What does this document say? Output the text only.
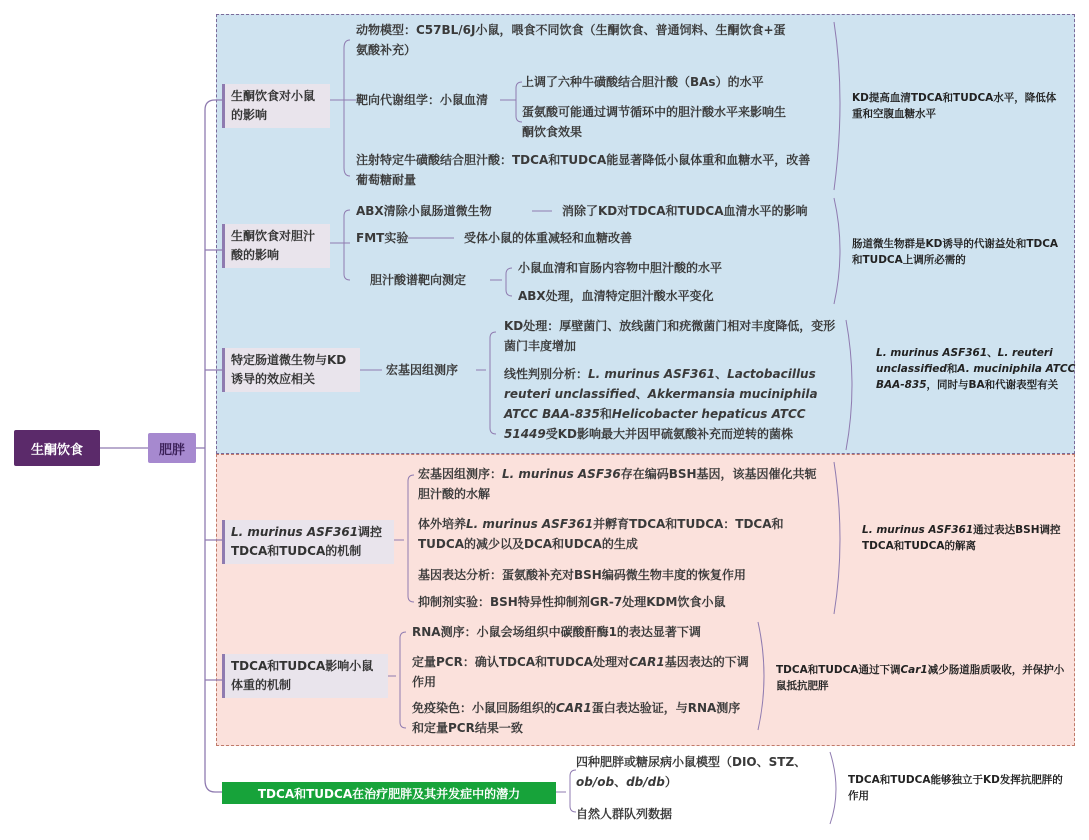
生酮饮食	肥胖
生酮饮食对小鼠的影响
动物模型：C57BL/6J小鼠，喂食不同饮食（生酮饮食、普通饲料、生酮饮食+蛋氨酸补充）
靶向代谢组学：小鼠血清
上调了六种牛磺酸结合胆汁酸（BAs）的水平
蛋氨酸可能通过调节循环中的胆汁酸水平来影响生酮饮食效果
注射特定牛磺酸结合胆汁酸：TDCA和TUDCA能显著降低小鼠体重和血糖水平，改善葡萄糖耐量
KD提高血清TDCA和TUDCA水平，降低体重和空腹血糖水平
生酮饮食对胆汁酸的影响
ABX清除小鼠肠道微生物	消除了KD对TDCA和TUDCA血清水平的影响
FMT实验	受体小鼠的体重减轻和血糖改善
胆汁酸谱靶向测定
小鼠血清和盲肠内容物中胆汁酸的水平
ABX处理，血清特定胆汁酸水平变化
肠道微生物群是KD诱导的代谢益处和TDCA和TUDCA上调所必需的
特定肠道微生物与KD诱导的效应相关
宏基因组测序
KD处理：厚壁菌门、放线菌门和疣微菌门相对丰度降低，变形菌门丰度增加
线性判别分析：L. murinus ASF361、Lactobacillus reuteri unclassified、Akkermansia muciniphila ATCC BAA-835和Helicobacter hepaticus ATCC 51449受KD影响最大并因甲硫氨酸补充而逆转的菌株
L. murinus ASF361、L. reuteri unclassified和A. muciniphila ATCC BAA-835，同时与BA和代谢表型有关
L. murinus ASF361调控TDCA和TUDCA的机制
宏基因组测序：L. murinus ASF36存在编码BSH基因，该基因催化共轭胆汁酸的水解
体外培养L. murinus ASF361并孵育TDCA和TUDCA：TDCA和TUDCA的减少以及DCA和UDCA的生成
基因表达分析：蛋氨酸补充对BSH编码微生物丰度的恢复作用
抑制剂实验：BSH特异性抑制剂GR-7处理KDM饮食小鼠
L. murinus ASF361通过表达BSH调控TDCA和TUDCA的解离
TDCA和TUDCA影响小鼠体重的机制
RNA测序：小鼠会场组织中碳酸酐酶1的表达显著下调
定量PCR：确认TDCA和TUDCA处理对CAR1基因表达的下调作用
免疫染色：小鼠回肠组织的CAR1蛋白表达验证，与RNA测序和定量PCR结果一致
TDCA和TUDCA通过下调Car1减少肠道脂质吸收，并保护小鼠抵抗肥胖
TDCA和TUDCA在治疗肥胖及其并发症中的潜力
四种肥胖或糖尿病小鼠模型（DIO、STZ、ob/ob、db/db）
自然人群队列数据
TDCA和TUDCA能够独立于KD发挥抗肥胖的作用
